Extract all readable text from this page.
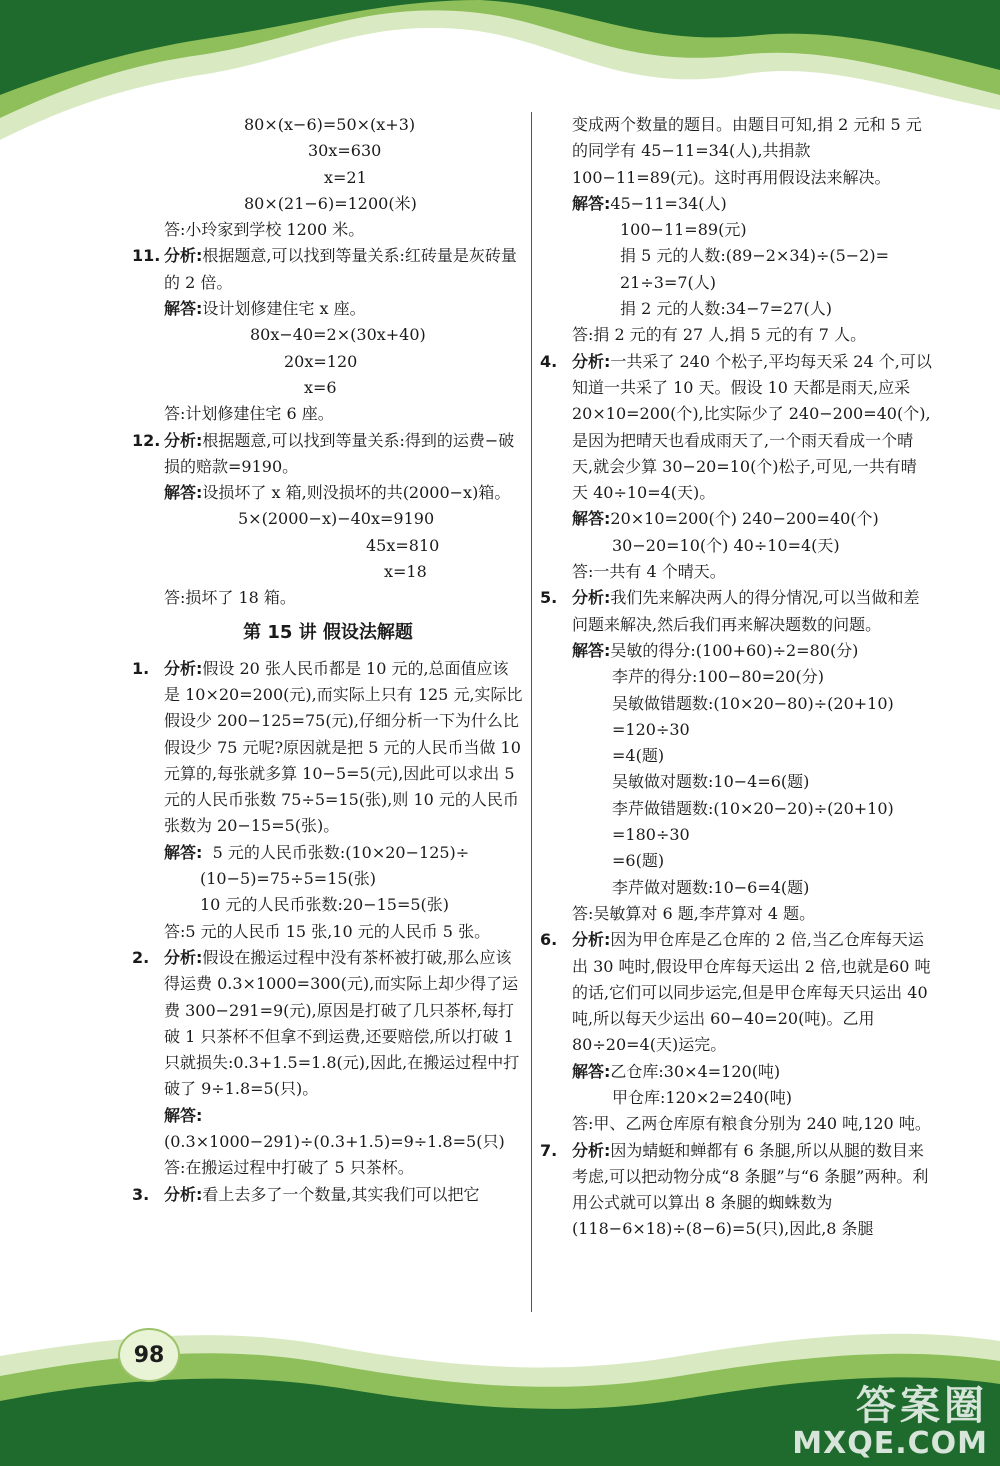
98
答案圈
MXQE.COM
80×(x−6)=50×(x+3)
30x=630
x=21
80×(21−6)=1200(米)
答:小玲家到学校 1200 米。
11. 分析:根据题意,可以找到等量关系:红砖量是灰砖量的 2 倍。
解答:设计划修建住宅 x 座。
80x−40=2×(30x+40)
20x=120
x=6
答:计划修建住宅 6 座。
12. 分析:根据题意,可以找到等量关系:得到的运费−破损的赔款=9190。
解答:设损坏了 x 箱,则没损坏的共(2000−x)箱。
5×(2000−x)−40x=9190
45x=810
x=18
答:损坏了 18 箱。
第 15 讲 假设法解题
1. 分析:假设 20 张人民币都是 10 元的,总面值应该是 10×20=200(元),而实际上只有 125 元,实际比假设少 200−125=75(元),仔细分析一下为什么比假设少 75 元呢?原因就是把 5 元的人民币当做 10 元算的,每张就多算 10−5=5(元),因此可以求出 5 元的人民币张数 75÷5=15(张),则 10 元的人民币张数为 20−15=5(张)。
解答: 5 元的人民币张数:(10×20−125)÷
(10−5)=75÷5=15(张)
10 元的人民币张数:20−15=5(张)
答:5 元的人民币 15 张,10 元的人民币 5 张。
2. 分析:假设在搬运过程中没有茶杯被打破,那么应该得运费 0.3×1000=300(元),而实际上却少得了运费 300−291=9(元),原因是打破了几只茶杯,每打破 1 只茶杯不但拿不到运费,还要赔偿,所以打破 1 只就损失:0.3+1.5=1.8(元),因此,在搬运过程中打破了 9÷1.8=5(只)。
解答:(0.3×1000−291)÷(0.3+1.5)=9÷1.8=5(只)
答:在搬运过程中打破了 5 只茶杯。
3. 分析:看上去多了一个数量,其实我们可以把它
变成两个数量的题目。由题目可知,捐 2 元和 5 元的同学有 45−11=34(人),共捐款 100−11=89(元)。这时再用假设法来解决。
解答:45−11=34(人)
100−11=89(元)
捐 5 元的人数:(89−2×34)÷(5−2)=
21÷3=7(人)
捐 2 元的人数:34−7=27(人)
答:捐 2 元的有 27 人,捐 5 元的有 7 人。
4. 分析:一共采了 240 个松子,平均每天采 24 个,可以知道一共采了 10 天。假设 10 天都是雨天,应采 20×10=200(个),比实际少了 240−200=40(个),是因为把晴天也看成雨天了,一个雨天看成一个晴天,就会少算 30−20=10(个)松子,可见,一共有晴天 40÷10=4(天)。
解答:20×10=200(个) 240−200=40(个)
30−20=10(个) 40÷10=4(天)
答:一共有 4 个晴天。
5. 分析:我们先来解决两人的得分情况,可以当做和差问题来解决,然后我们再来解决题数的问题。
解答:吴敏的得分:(100+60)÷2=80(分)
李芹的得分:100−80=20(分)
吴敏做错题数:(10×20−80)÷(20+10)
=120÷30
=4(题)
吴敏做对题数:10−4=6(题)
李芹做错题数:(10×20−20)÷(20+10)
=180÷30
=6(题)
李芹做对题数:10−6=4(题)
答:吴敏算对 6 题,李芹算对 4 题。
6. 分析:因为甲仓库是乙仓库的 2 倍,当乙仓库每天运出 30 吨时,假设甲仓库每天运出 2 倍,也就是60 吨的话,它们可以同步运完,但是甲仓库每天只运出 40 吨,所以每天少运出 60−40=20(吨)。乙用 80÷20=4(天)运完。
解答:乙仓库:30×4=120(吨)
甲仓库:120×2=240(吨)
答:甲、乙两仓库原有粮食分别为 240 吨,120 吨。
7. 分析:因为蜻蜓和蝉都有 6 条腿,所以从腿的数目来考虑,可以把动物分成“8 条腿”与“6 条腿”两种。利用公式就可以算出 8 条腿的蜘蛛数为(118−6×18)÷(8−6)=5(只),因此,8 条腿
